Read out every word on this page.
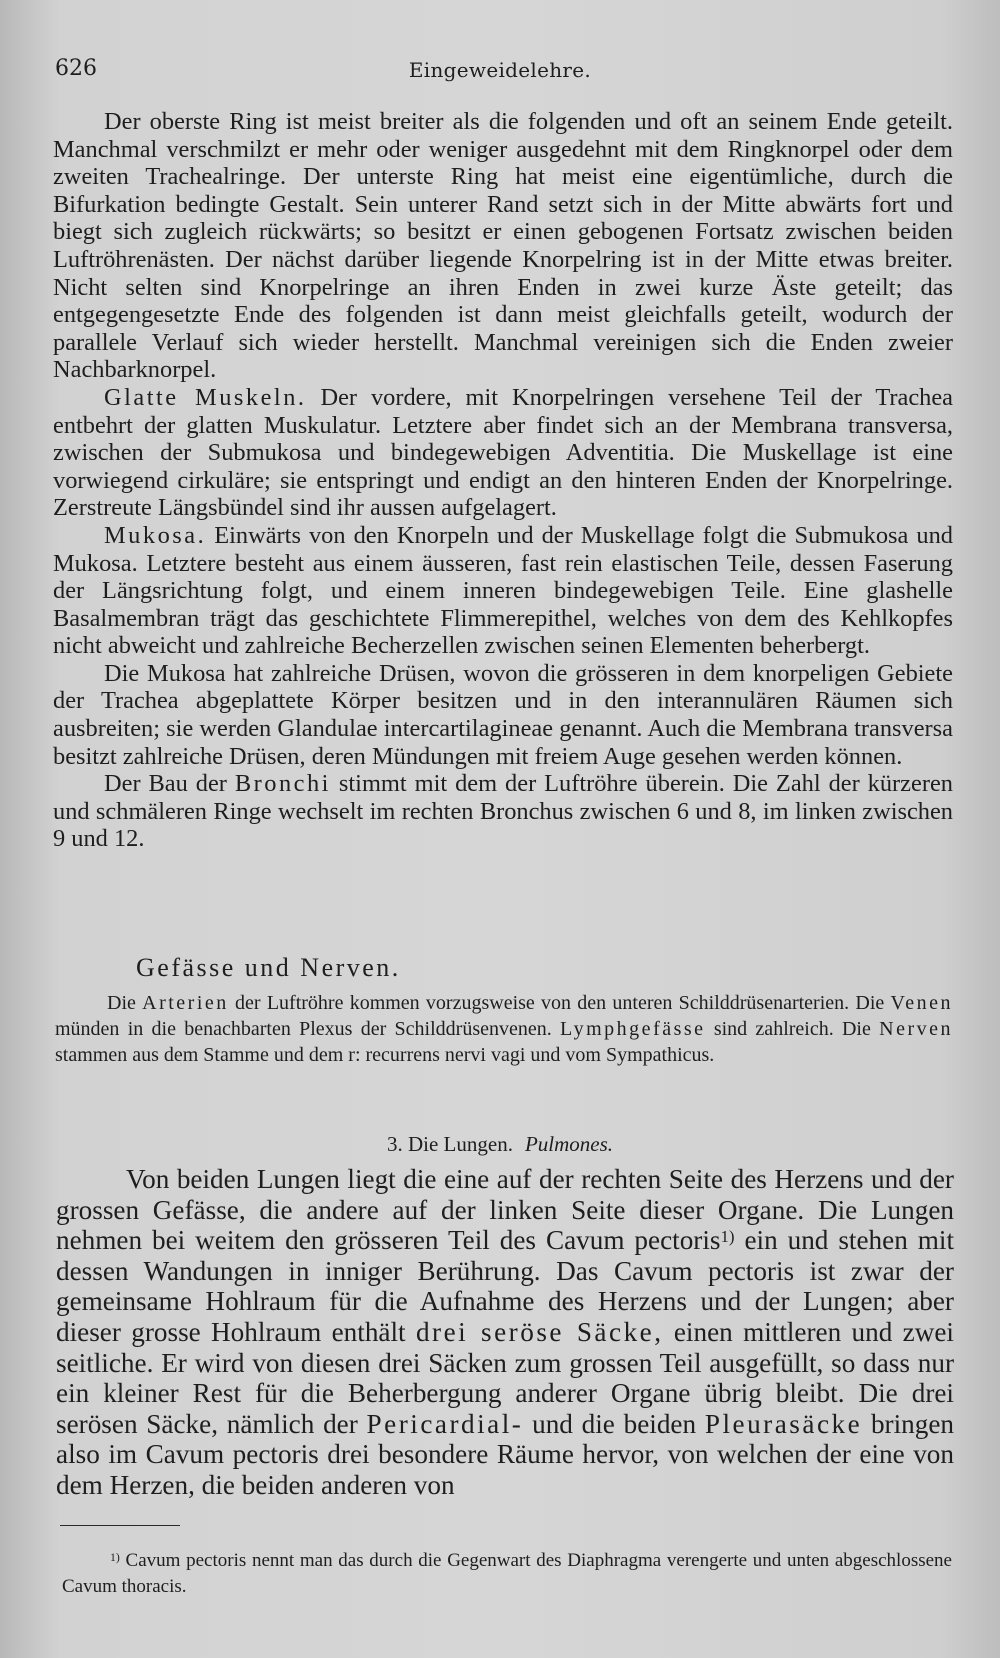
626	Eingeweidelehre.

Der oberste Ring ist meist breiter als die folgenden und oft an seinem Ende geteilt. Manchmal verschmilzt er mehr oder weniger ausgedehnt mit dem Ringknorpel oder dem zweiten Trachealringe. Der unterste Ring hat meist eine eigentümliche, durch die Bifurkation bedingte Gestalt. Sein unterer Rand setzt sich in der Mitte abwärts fort und biegt sich zugleich rückwärts; so besitzt er einen gebogenen Fortsatz zwischen beiden Luftröhrenästen. Der nächst darüber liegende Knorpelring ist in der Mitte etwas breiter. Nicht selten sind Knorpelringe an ihren Enden in zwei kurze Äste geteilt; das entgegengesetzte Ende des folgenden ist dann meist gleichfalls geteilt, wodurch der parallele Verlauf sich wieder herstellt. Manchmal vereinigen sich die Enden zweier Nachbarknorpel.

Glatte Muskeln. Der vordere, mit Knorpelringen versehene Teil der Trachea entbehrt der glatten Muskulatur. Letztere aber findet sich an der Membrana transversa, zwischen der Submukosa und bindegewebigen Adventitia. Die Muskellage ist eine vorwiegend cirkuläre; sie entspringt und endigt an den hinteren Enden der Knorpelringe. Zerstreute Längsbündel sind ihr aussen aufgelagert.

Mukosa. Einwärts von den Knorpeln und der Muskellage folgt die Submukosa und Mukosa. Letztere besteht aus einem äusseren, fast rein elastischen Teile, dessen Faserung der Längsrichtung folgt, und einem inneren bindegewebigen Teile. Eine glashelle Basalmembran trägt das geschichtete Flimmerepithel, welches von dem des Kehlkopfes nicht abweicht und zahlreiche Becherzellen zwischen seinen Elementen beherbergt.

Die Mukosa hat zahlreiche Drüsen, wovon die grösseren in dem knorpeligen Gebiete der Trachea abgeplattete Körper besitzen und in den interannulären Räumen sich ausbreiten; sie werden Glandulae intercartilagineae genannt. Auch die Membrana transversa besitzt zahlreiche Drüsen, deren Mündungen mit freiem Auge gesehen werden können.

Der Bau der Bronchi stimmt mit dem der Luftröhre überein. Die Zahl der kürzeren und schmäleren Ringe wechselt im rechten Bronchus zwischen 6 und 8, im linken zwischen 9 und 12.

Gefässe und Nerven.

Die Arterien der Luftröhre kommen vorzugsweise von den unteren Schilddrüsenarterien. Die Venen münden in die benachbarten Plexus der Schilddrüsenvenen. Lymphgefässe sind zahlreich. Die Nerven stammen aus dem Stamme und dem r: recurrens nervi vagi und vom Sympathicus.

3. Die Lungen. Pulmones.

Von beiden Lungen liegt die eine auf der rechten Seite des Herzens und der grossen Gefässe, die andere auf der linken Seite dieser Organe. Die Lungen nehmen bei weitem den grösseren Teil des Cavum pectoris$^{1)}$ ein und stehen mit dessen Wandungen in inniger Berührung. Das Cavum pectoris ist zwar der gemeinsame Hohlraum für die Aufnahme des Herzens und der Lungen; aber dieser grosse Hohlraum enthält drei seröse Säcke, einen mittleren und zwei seitliche. Er wird von diesen drei Säcken zum grossen Teil ausgefüllt, so dass nur ein kleiner Rest für die Beherbergung anderer Organe übrig bleibt. Die drei serösen Säcke, nämlich der Pericardial- und die beiden Pleurasäcke bringen also im Cavum pectoris drei besondere Räume hervor, von welchen der eine von dem Herzen, die beiden anderen von

$^{1)}$ Cavum pectoris nennt man das durch die Gegenwart des Diaphragma verengerte und unten abgeschlossene Cavum thoracis.
